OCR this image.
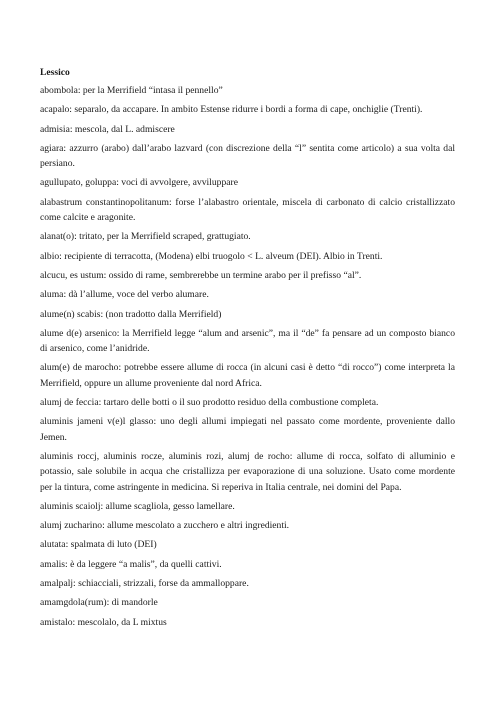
Lessico
abombola: per la Merrifield “intasa il pennello”
acapalo: separalo, da accapare. In ambito Estense ridurre i bordi a forma di cape, onchiglie (Trenti).
admisia: mescola, dal L. admiscere
agiara: azzurro (arabo) dall’arabo lazvard (con discrezione della “l” sentita come articolo) a sua volta dal persiano.
agullupato, goluppa: voci di avvolgere, avviluppare
alabastrum constantinopolitanum: forse l’alabastro orientale, miscela di carbonato di calcio cristallizzato come calcite e aragonite.
alanat(o): tritato, per la Merrifield scraped, grattugiato.
albio: recipiente di terracotta, (Modena) elbi truogolo < L. alveum (DEI). Albio in Trenti.
alcucu, es ustum: ossido di rame, sembrerebbe un termine arabo per il prefisso “al”.
aluma: dà l’allume, voce del verbo alumare.
alume(n) scabis: (non tradotto dalla Merrifield)
alume d(e) arsenico: la Merrifield legge “alum and arsenic”, ma il “de” fa pensare ad un composto bianco di arsenico, come l’anidride.
alum(e) de marocho: potrebbe essere allume di rocca (in alcuni casi è detto “di rocco”) come interpreta la Merrifield, oppure un allume proveniente dal nord Africa.
alumj de feccia: tartaro delle botti o il suo prodotto residuo della combustione completa.
aluminis jameni v(e)l glasso: uno degli allumi impiegati nel passato come mordente, proveniente dallo Jemen.
aluminis roccj, aluminis rocze, aluminis rozi, alumj de rocho: allume di rocca, solfato di alluminio e potassio, sale solubile in acqua che cristallizza per evaporazione di una soluzione. Usato come mordente per la tintura, come astringente in medicina. Si reperiva in Italia centrale, nei domini del Papa.
aluminis scaiolj: allume scagliola, gesso lamellare.
alumj zucharino: allume mescolato a zucchero e altri ingredienti.
alutata: spalmata di luto (DEI)
amalis: è da leggere “a malis”, da quelli cattivi.
amalpalj: schiacciali, strizzali, forse da ammalloppare.
amamgdola(rum): di mandorle
amistalo: mescolalo, da L mixtus
